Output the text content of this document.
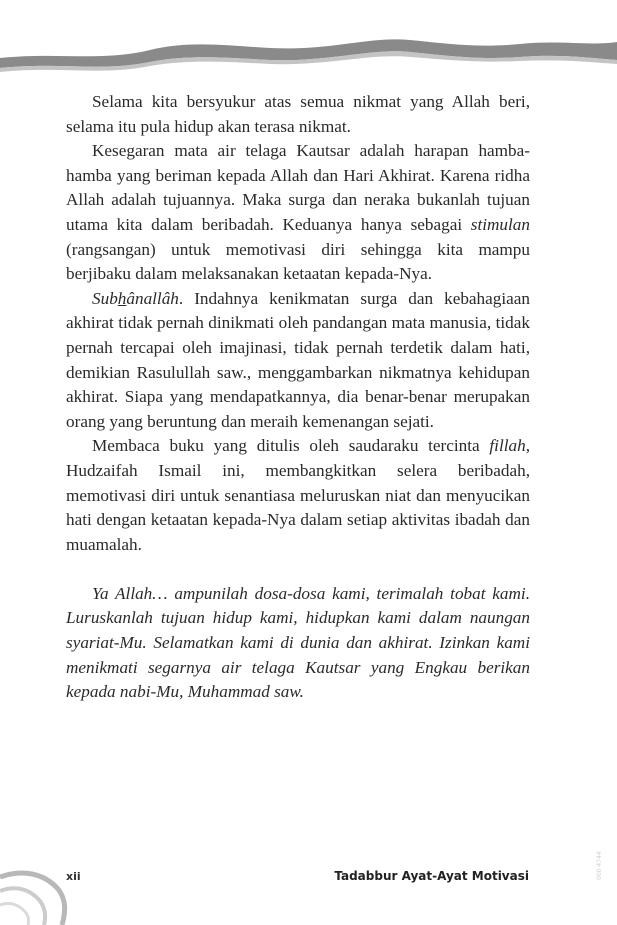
Selama kita bersyukur atas semua nikmat yang Allah beri, selama itu pula hidup akan terasa nikmat.

Kesegaran mata air telaga Kautsar adalah harapan hamba-hamba yang beriman kepada Allah dan Hari Akhirat. Karena ridha Allah adalah tujuannya. Maka surga dan neraka bukanlah tujuan utama kita dalam beribadah. Keduanya hanya sebagai stimulan (rangsangan) untuk memotivasi diri sehingga kita mampu berjibaku dalam melaksanakan ketaatan kepada-Nya.

Subhânallâh. Indahnya kenikmatan surga dan kebahagiaan akhirat tidak pernah dinikmati oleh pandangan mata manusia, tidak pernah tercapai oleh imajinasi, tidak pernah terdetik dalam hati, demikian Rasulullah saw., menggambarkan nikmatnya kehidupan akhirat. Siapa yang mendapatkannya, dia benar-benar merupakan orang yang beruntung dan meraih kemenangan sejati.

Membaca buku yang ditulis oleh saudaraku tercinta fillah, Hudzaifah Ismail ini, membangkitkan selera beribadah, memotivasi diri untuk senantiasa meluruskan niat dan menyucikan hati dengan ketaatan kepada-Nya dalam setiap aktivitas ibadah dan muamalah.

Ya Allah… ampunilah dosa-dosa kami, terimalah tobat kami. Luruskanlah tujuan hidup kami, hidupkan kami dalam naungan syariat-Mu. Selamatkan kami di dunia dan akhirat. Izinkan kami menikmati segarnya air telaga Kautsar yang Engkau berikan kepada nabi-Mu, Muhammad saw.

xii	Tadabbur Ayat-Ayat Motivasi	000 4744
